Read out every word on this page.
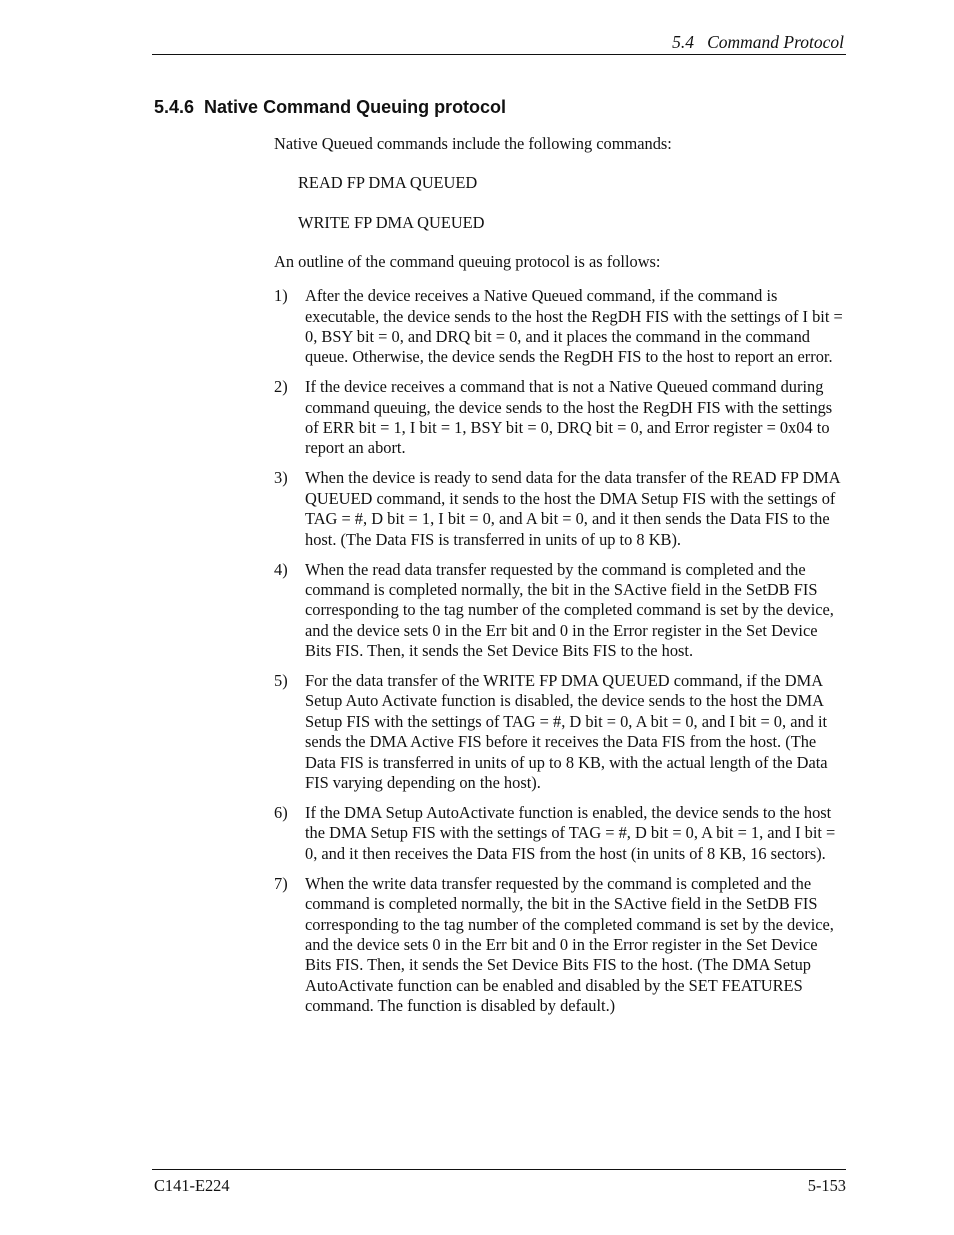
5.4   Command Protocol
5.4.6  Native Command Queuing protocol

Native Queued commands include the following commands:

READ FP DMA QUEUED

WRITE FP DMA QUEUED

An outline of the command queuing protocol is as follows:

1)	After the device receives a Native Queued command, if the command is executable, the device sends to the host the RegDH FIS with the settings of I bit = 0, BSY bit = 0, and DRQ bit = 0, and it places the command in the command queue. Otherwise, the device sends the RegDH FIS to the host to report an error.
2)	If the device receives a command that is not a Native Queued command during command queuing, the device sends to the host the RegDH FIS with the settings of ERR bit = 1, I bit = 1, BSY bit = 0, DRQ bit = 0, and Error register = 0x04 to report an abort.
3)	When the device is ready to send data for the data transfer of the READ FP DMA QUEUED command, it sends to the host the DMA Setup FIS with the settings of TAG = #, D bit = 1, I bit = 0, and A bit = 0, and it then sends the Data FIS to the host. (The Data FIS is transferred in units of up to 8 KB).
4)	When the read data transfer requested by the command is completed and the command is completed normally, the bit in the SActive field in the SetDB FIS corresponding to the tag number of the completed command is set by the device, and the device sets 0 in the Err bit and 0 in the Error register in the Set Device Bits FIS. Then, it sends the Set Device Bits FIS to the host.
5)	For the data transfer of the WRITE FP DMA QUEUED command, if the DMA Setup Auto Activate function is disabled, the device sends to the host the DMA Setup FIS with the settings of TAG = #, D bit = 0, A bit = 0, and I bit = 0, and it sends the DMA Active FIS before it receives the Data FIS from the host. (The Data FIS is transferred in units of up to 8 KB, with the actual length of the Data FIS varying depending on the host).
6)	If the DMA Setup AutoActivate function is enabled, the device sends to the host the DMA Setup FIS with the settings of TAG = #, D bit = 0, A bit = 1, and I bit = 0, and it then receives the Data FIS from the host (in units of 8 KB, 16 sectors).
7)	When the write data transfer requested by the command is completed and the command is completed normally, the bit in the SActive field in the SetDB FIS corresponding to the tag number of the completed command is set by the device, and the device sets 0 in the Err bit and 0 in the Error register in the Set Device Bits FIS. Then, it sends the Set Device Bits FIS to the host. (The DMA Setup AutoActivate function can be enabled and disabled by the SET FEATURES command. The function is disabled by default.)
C141-E224	5-153
